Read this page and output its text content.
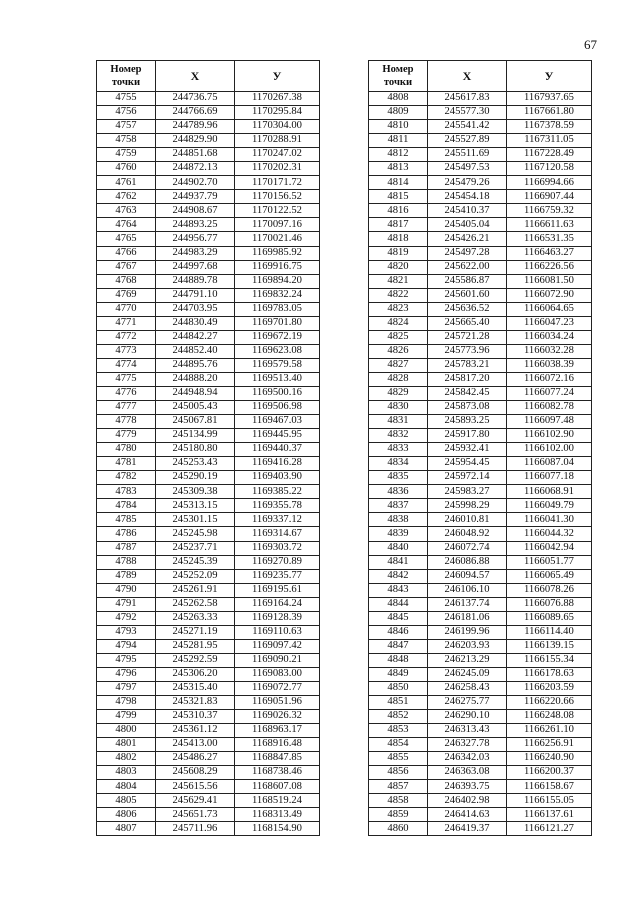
67
Номер
точки	X	У
4755	244736.75	1170267.38
4756	244766.69	1170295.84
4757	244789.96	1170304.00
4758	244829.90	1170288.91
4759	244851.68	1170247.02
4760	244872.13	1170202.31
4761	244902.70	1170171.72
4762	244937.79	1170156.52
4763	244908.67	1170122.52
4764	244893.25	1170097.16
4765	244956.77	1170021.46
4766	244983.29	1169985.92
4767	244997.68	1169916.75
4768	244889.78	1169894.20
4769	244791.10	1169832.24
4770	244703.95	1169783.05
4771	244830.49	1169701.80
4772	244842.27	1169672.19
4773	244852.40	1169623.08
4774	244895.76	1169579.58
4775	244888.20	1169513.40
4776	244948.94	1169500.16
4777	245005.43	1169506.98
4778	245067.81	1169467.03
4779	245134.99	1169445.95
4780	245180.80	1169440.37
4781	245253.43	1169416.28
4782	245290.19	1169403.90
4783	245309.38	1169385.22
4784	245313.15	1169355.78
4785	245301.15	1169337.12
4786	245245.98	1169314.67
4787	245237.71	1169303.72
4788	245245.39	1169270.89
4789	245252.09	1169235.77
4790	245261.91	1169195.61
4791	245262.58	1169164.24
4792	245263.33	1169128.39
4793	245271.19	1169110.63
4794	245281.95	1169097.42
4795	245292.59	1169090.21
4796	245306.20	1169083.00
4797	245315.40	1169072.77
4798	245321.83	1169051.96
4799	245310.37	1169026.32
4800	245361.12	1168963.17
4801	245413.00	1168916.48
4802	245486.27	1168847.85
4803	245608.29	1168738.46
4804	245615.56	1168607.08
4805	245629.41	1168519.24
4806	245651.73	1168313.49
4807	245711.96	1168154.90
Номер
точки	X	У
4808	245617.83	1167937.65
4809	245577.30	1167661.80
4810	245541.42	1167378.59
4811	245527.89	1167311.05
4812	245511.69	1167228.49
4813	245497.53	1167120.58
4814	245479.26	1166994.66
4815	245454.18	1166907.44
4816	245410.37	1166759.32
4817	245405.04	1166611.63
4818	245426.21	1166531.35
4819	245497.28	1166463.27
4820	245622.00	1166226.56
4821	245586.87	1166081.50
4822	245601.60	1166072.90
4823	245636.52	1166064.65
4824	245665.40	1166047.23
4825	245721.28	1166034.24
4826	245773.96	1166032.28
4827	245783.21	1166038.39
4828	245817.20	1166072.16
4829	245842.45	1166077.24
4830	245873.08	1166082.78
4831	245893.25	1166097.48
4832	245917.80	1166102.90
4833	245932.41	1166102.00
4834	245954.45	1166087.04
4835	245972.14	1166077.18
4836	245983.27	1166068.91
4837	245998.29	1166049.79
4838	246010.81	1166041.30
4839	246048.92	1166044.32
4840	246072.74	1166042.94
4841	246086.88	1166051.77
4842	246094.57	1166065.49
4843	246106.10	1166078.26
4844	246137.74	1166076.88
4845	246181.06	1166089.65
4846	246199.96	1166114.40
4847	246203.93	1166139.15
4848	246213.29	1166155.34
4849	246245.09	1166178.63
4850	246258.43	1166203.59
4851	246275.77	1166220.66
4852	246290.10	1166248.08
4853	246313.43	1166261.10
4854	246327.78	1166256.91
4855	246342.03	1166240.90
4856	246363.08	1166200.37
4857	246393.75	1166158.67
4858	246402.98	1166155.05
4859	246414.63	1166137.61
4860	246419.37	1166121.27
